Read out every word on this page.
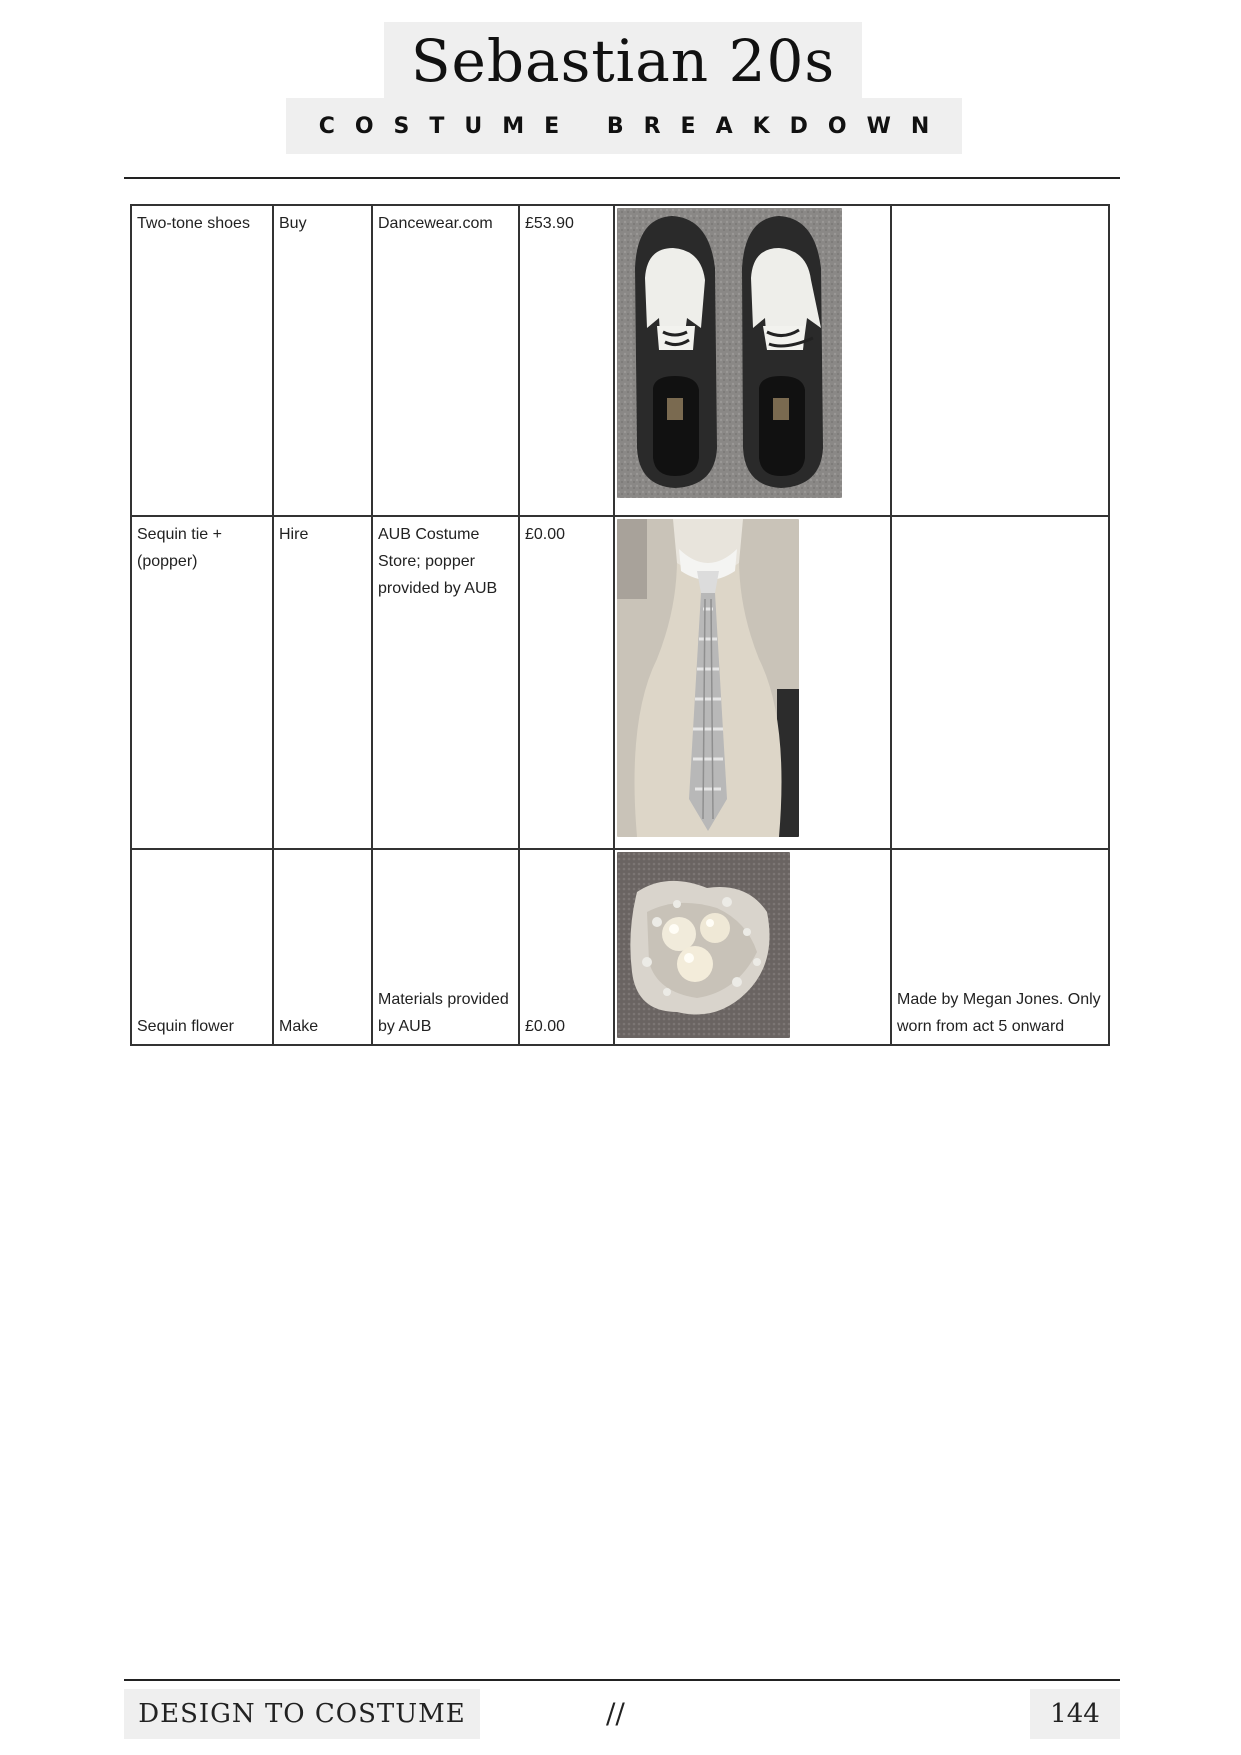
Sebastian 20s
COSTUME BREAKDOWN
Two-tone shoes	Buy	Dancewear.com	£53.90	

Sequin tie + (popper)	Hire	AUB Costume Store; popper provided by AUB	£0.00	

Sequin flower	Make	Materials provided by AUB	£0.00		Made by Megan Jones. Only worn from act 5 onward
DESIGN TO COSTUME	//	144
